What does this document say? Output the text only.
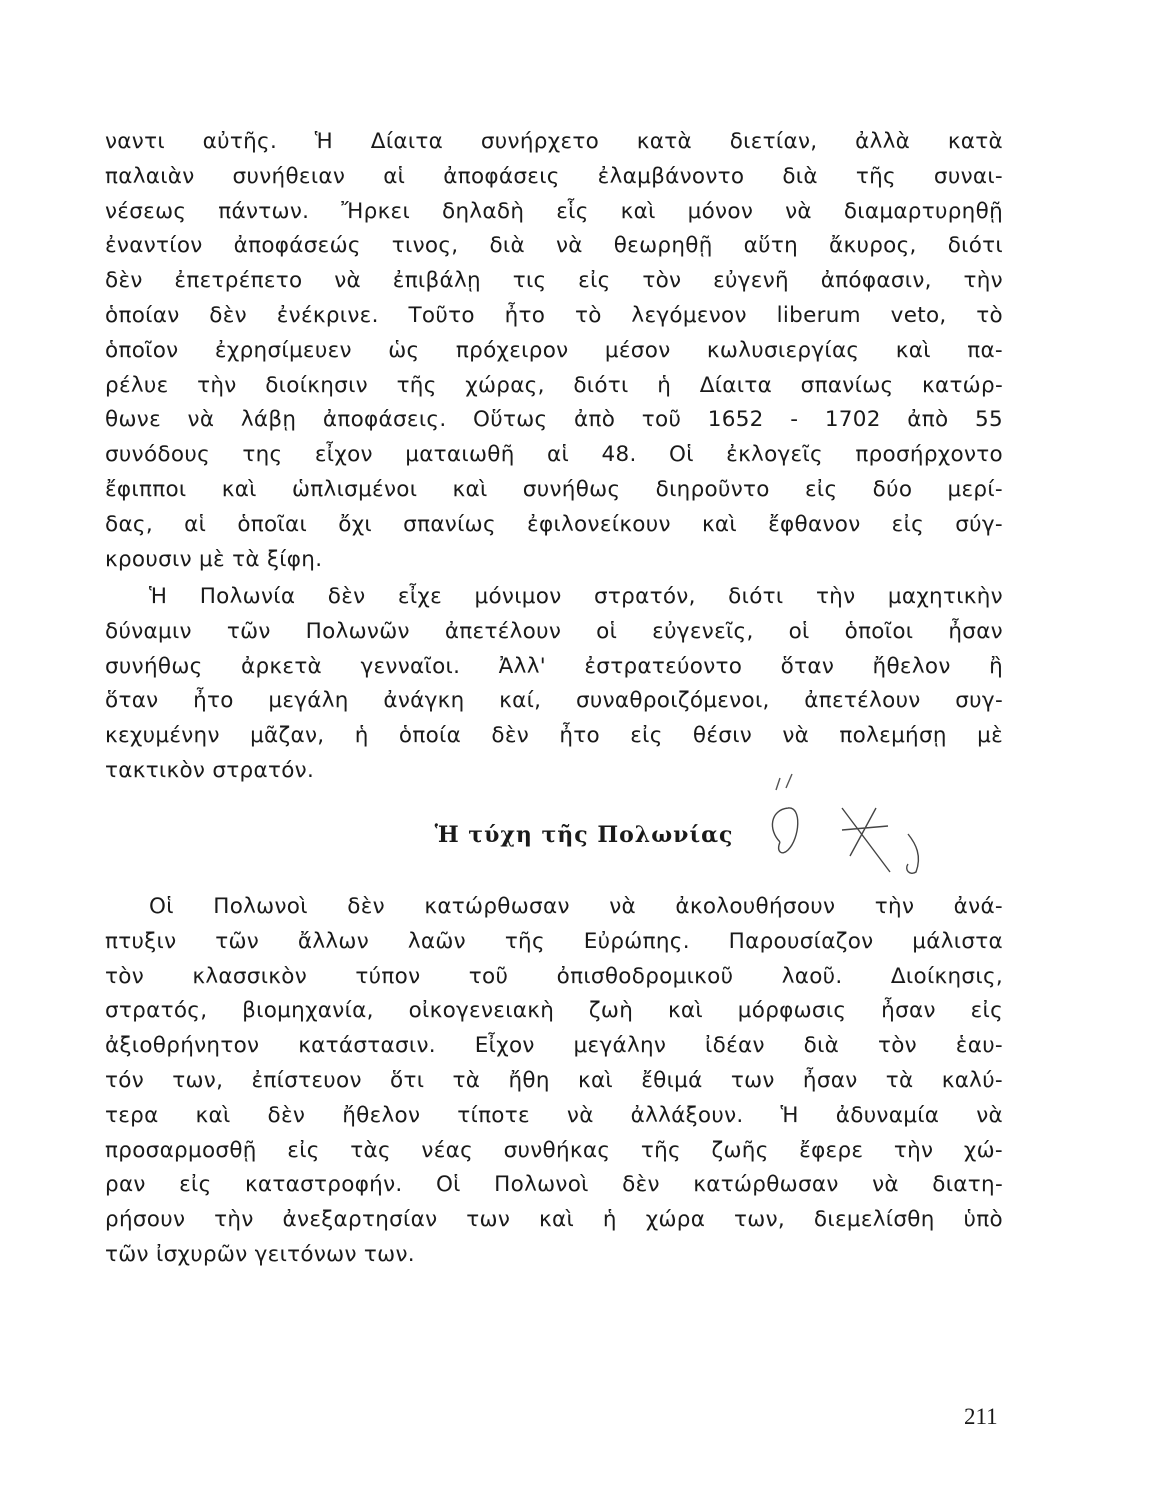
ναντι αὐτῆς. Ἡ Δίαιτα συνήρχετο κατὰ διετίαν, ἀλλὰ κατὰ
παλαιὰν συνήθειαν αἱ ἀποφάσεις ἐλαμβάνοντο διὰ τῆς συναι-
νέσεως πάντων. Ἤρκει δηλαδὴ εἷς καὶ μόνον νὰ διαμαρτυρηθῇ
ἐναντίον ἀποφάσεώς τινος, διὰ νὰ θεωρηθῇ αὕτη ἄκυρος, διότι
δὲν ἐπετρέπετο νὰ ἐπιβάλῃ τις εἰς τὸν εὐγενῆ ἀπόφασιν, τὴν
ὁποίαν δὲν ἐνέκρινε. Τοῦτο ἦτο τὸ λεγόμενον liberum veto, τὸ
ὁποῖον ἐχρησίμευεν ὡς πρόχειρον μέσον κωλυσιεργίας καὶ πα-
ρέλυε τὴν διοίκησιν τῆς χώρας, διότι ἡ Δίαιτα σπανίως κατώρ-
θωνε νὰ λάβῃ ἀποφάσεις. Οὕτως ἀπὸ τοῦ 1652 - 1702 ἀπὸ 55
συνόδους της εἶχον ματαιωθῆ αἱ 48. Οἱ ἐκλογεῖς προσήρχοντο
ἔφιπποι καὶ ὡπλισμένοι καὶ συνήθως διηροῦντο εἰς δύο μερί-
δας, αἱ ὁποῖαι ὄχι σπανίως ἐφιλονείκουν καὶ ἔφθανον εἰς σύγ-
κρουσιν μὲ τὰ ξίφη.
Ἡ Πολωνία δὲν εἶχε μόνιμον στρατόν, διότι τὴν μαχητικὴν
δύναμιν τῶν Πολωνῶν ἀπετέλουν οἱ εὐγενεῖς, οἱ ὁποῖοι ἦσαν
συνήθως ἀρκετὰ γενναῖοι. Ἀλλ' ἐστρατεύοντο ὅταν ἤθελον ἢ
ὅταν ἦτο μεγάλη ἀνάγκη καί, συναθροιζόμενοι, ἀπετέλουν συγ-
κεχυμένην μᾶζαν, ἡ ὁποία δὲν ἦτο εἰς θέσιν νὰ πολεμήσῃ μὲ
τακτικὸν στρατόν.
Ἡ τύχη τῆς Πολωνίας
Οἱ Πολωνοὶ δὲν κατώρθωσαν νὰ ἀκολουθήσουν τὴν ἀνά-
πτυξιν τῶν ἄλλων λαῶν τῆς Εὐρώπης. Παρουσίαζον μάλιστα
τὸν κλασσικὸν τύπον τοῦ ὀπισθοδρομικοῦ λαοῦ. Διοίκησις,
στρατός, βιομηχανία, οἰκογενειακὴ ζωὴ καὶ μόρφωσις ἦσαν εἰς
ἀξιοθρήνητον κατάστασιν. Εἶχον μεγάλην ἰδέαν διὰ τὸν ἑαυ-
τόν των, ἐπίστευον ὅτι τὰ ἤθη καὶ ἔθιμά των ἦσαν τὰ καλύ-
τερα καὶ δὲν ἤθελον τίποτε νὰ ἀλλάξουν. Ἡ ἀδυναμία νὰ
προσαρμοσθῇ εἰς τὰς νέας συνθήκας τῆς ζωῆς ἔφερε τὴν χώ-
ραν εἰς καταστροφήν. Οἱ Πολωνοὶ δὲν κατώρθωσαν νὰ διατη-
ρήσουν τὴν ἀνεξαρτησίαν των καὶ ἡ χώρα των, διεμελίσθη ὑπὸ
τῶν ἰσχυρῶν γειτόνων των.
211
